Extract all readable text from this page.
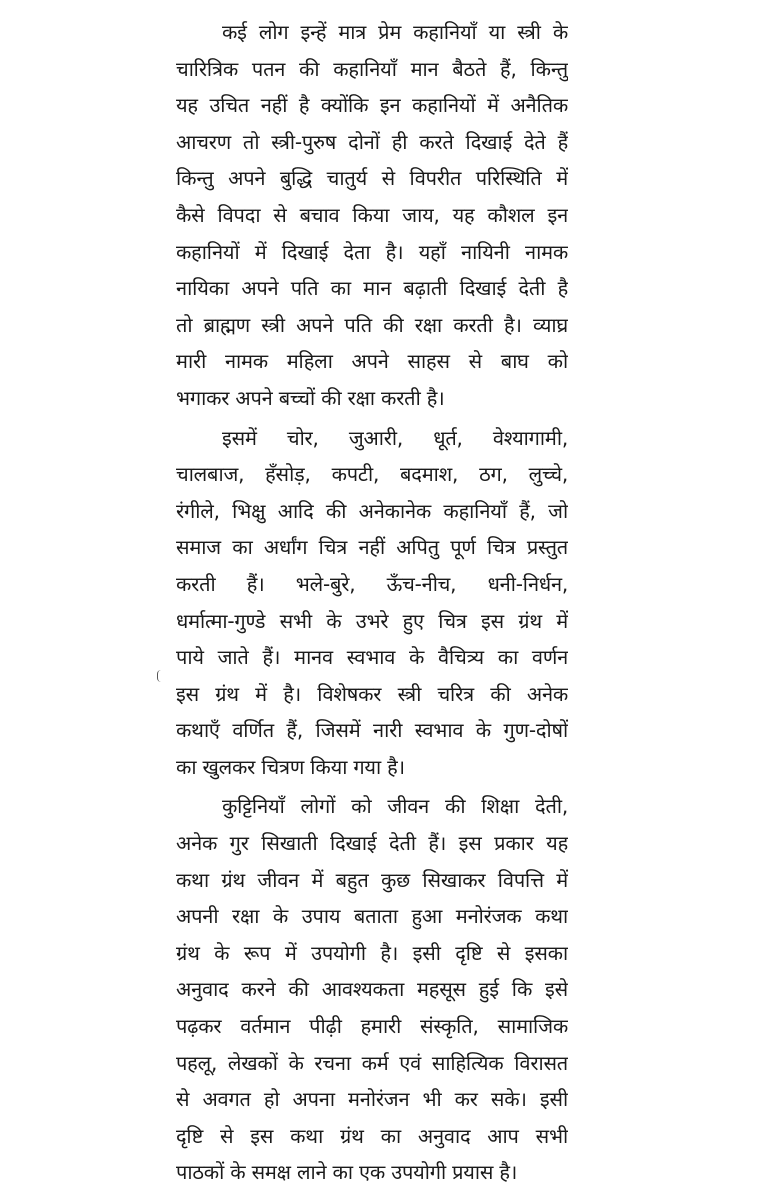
कई लोग इन्हें मात्र प्रेम कहानियाँ या स्त्री के
चारित्रिक पतन की कहानियाँ मान बैठते हैं, किन्तु
यह उचित नहीं है क्योंकि इन कहानियों में अनैतिक
आचरण तो स्त्री-पुरुष दोनों ही करते दिखाई देते हैं
किन्तु अपने बुद्धि चातुर्य से विपरीत परिस्थिति में
कैसे विपदा से बचाव किया जाय, यह कौशल इन
कहानियों में दिखाई देता है। यहाँ नायिनी नामक
नायिका अपने पति का मान बढ़ाती दिखाई देती है
तो ब्राह्मण स्त्री अपने पति की रक्षा करती है। व्याघ्र
मारी नामक महिला अपने साहस से बाघ को
भगाकर अपने बच्चों की रक्षा करती है।
इसमें चोर, जुआरी, धूर्त, वेश्यागामी,
चालबाज, हँसोड़, कपटी, बदमाश, ठग, लुच्चे,
रंगीले, भिक्षु आदि की अनेकानेक कहानियाँ हैं, जो
समाज का अर्धांग चित्र नहीं अपितु पूर्ण चित्र प्रस्तुत
करती हैं। भले-बुरे, ऊँच-नीच, धनी-निर्धन,
धर्मात्मा-गुण्डे सभी के उभरे हुए चित्र इस ग्रंथ में
पाये जाते हैं। मानव स्वभाव के वैचित्र्य का वर्णन
इस ग्रंथ में है। विशेषकर स्त्री चरित्र की अनेक
कथाएँ वर्णित हैं, जिसमें नारी स्वभाव के गुण-दोषों
का खुलकर चित्रण किया गया है।
कुट्टिनियाँ लोगों को जीवन की शिक्षा देती,
अनेक गुर सिखाती दिखाई देती हैं। इस प्रकार यह
कथा ग्रंथ जीवन में बहुत कुछ सिखाकर विपत्ति में
अपनी रक्षा के उपाय बताता हुआ मनोरंजक कथा
ग्रंथ के रूप में उपयोगी है। इसी दृष्टि से इसका
अनुवाद करने की आवश्यकता महसूस हुई कि इसे
पढ़कर वर्तमान पीढ़ी हमारी संस्कृति, सामाजिक
पहलू, लेखकों के रचना कर्म एवं साहित्यिक विरासत
से अवगत हो अपना मनोरंजन भी कर सके। इसी
दृष्टि से इस कथा ग्रंथ का अनुवाद आप सभी
पाठकों के समक्ष लाने का एक उपयोगी प्रयास है।
